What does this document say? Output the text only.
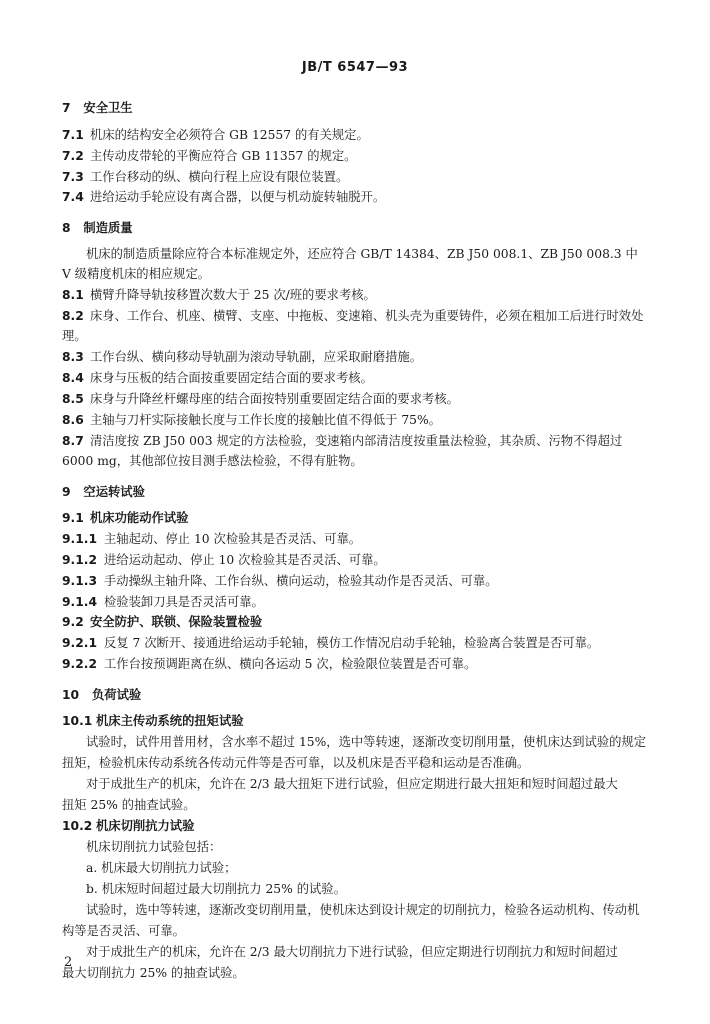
JB/T 6547—93
7 安全卫生
7.1 机床的结构安全必须符合 GB 12557 的有关规定。
7.2 主传动皮带轮的平衡应符合 GB 11357 的规定。
7.3 工作台移动的纵、横向行程上应设有限位装置。
7.4 进给运动手轮应设有离合器，以便与机动旋转轴脱开。
8 制造质量
机床的制造质量除应符合本标准规定外，还应符合 GB/T 14384、ZB J50 008.1、ZB J50 008.3 中
V 级精度机床的相应规定。
8.1 横臂升降导轨按移置次数大于 25 次/班的要求考核。
8.2 床身、工作台、机座、横臂、支座、中拖板、变速箱、机头壳为重要铸件，必须在粗加工后进行时效处
理。
8.3 工作台纵、横向移动导轨副为滚动导轨副，应采取耐磨措施。
8.4 床身与压板的结合面按重要固定结合面的要求考核。
8.5 床身与升降丝杆螺母座的结合面按特别重要固定结合面的要求考核。
8.6 主轴与刀杆实际接触长度与工作长度的接触比值不得低于 75%。
8.7 清洁度按 ZB J50 003 规定的方法检验，变速箱内部清洁度按重量法检验，其杂质、污物不得超过
6000 mg，其他部位按目测手感法检验，不得有脏物。
9 空运转试验
9.1 机床功能动作试验
9.1.1 主轴起动、停止 10 次检验其是否灵活、可靠。
9.1.2 进给运动起动、停止 10 次检验其是否灵活、可靠。
9.1.3 手动操纵主轴升降、工作台纵、横向运动，检验其动作是否灵活、可靠。
9.1.4 检验装卸刀具是否灵活可靠。
9.2 安全防护、联锁、保险装置检验
9.2.1 反复 7 次断开、接通进给运动手轮轴，模仿工作情况启动手轮轴，检验离合装置是否可靠。
9.2.2 工作台按预调距离在纵、横向各运动 5 次，检验限位装置是否可靠。
10 负荷试验
10.1 机床主传动系统的扭矩试验
试验时，试件用普用材，含水率不超过 15%，选中等转速，逐渐改变切削用量，使机床达到试验的规定
扭矩，检验机床传动系统各传动元件等是否可靠，以及机床是否平稳和运动是否准确。
对于成批生产的机床，允许在 2/3 最大扭矩下进行试验，但应定期进行最大扭矩和短时间超过最大
扭矩 25% 的抽查试验。
10.2 机床切削抗力试验
机床切削抗力试验包括：
a. 机床最大切削抗力试验；
b. 机床短时间超过最大切削抗力 25% 的试验。
试验时，选中等转速，逐渐改变切削用量，使机床达到设计规定的切削抗力，检验各运动机构、传动机
构等是否灵活、可靠。
对于成批生产的机床，允许在 2/3 最大切削抗力下进行试验，但应定期进行切削抗力和短时间超过
最大切削抗力 25% 的抽查试验。
2
